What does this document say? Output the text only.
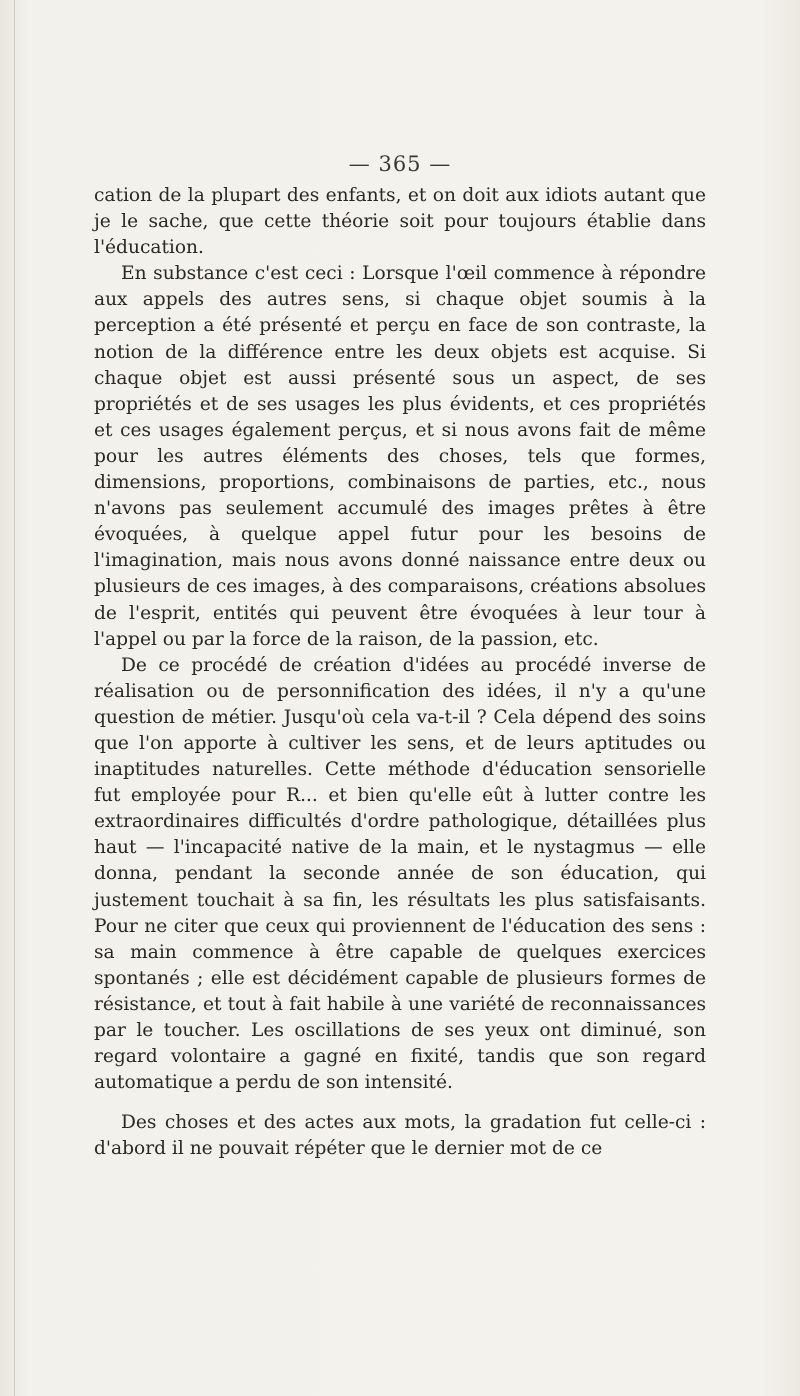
— 365 —

cation de la plupart des enfants, et on doit aux idiots autant que je le sache, que cette théorie soit pour toujours établie dans l'éducation.

En substance c'est ceci : Lorsque l'œil commence à répondre aux appels des autres sens, si chaque objet soumis à la perception a été présenté et perçu en face de son contraste, la notion de la différence entre les deux objets est acquise. Si chaque objet est aussi présenté sous un aspect, de ses propriétés et de ses usages les plus évidents, et ces propriétés et ces usages également perçus, et si nous avons fait de même pour les autres éléments des choses, tels que formes, dimensions, proportions, combinaisons de parties, etc., nous n'avons pas seulement accumulé des images prêtes à être évoquées, à quelque appel futur pour les besoins de l'imagination, mais nous avons donné naissance entre deux ou plusieurs de ces images, à des comparaisons, créations absolues de l'esprit, entités qui peuvent être évoquées à leur tour à l'appel ou par la force de la raison, de la passion, etc.

De ce procédé de création d'idées au procédé inverse de réalisation ou de personnification des idées, il n'y a qu'une question de métier. Jusqu'où cela va-t-il ? Cela dépend des soins que l'on apporte à cultiver les sens, et de leurs aptitudes ou inaptitudes naturelles. Cette méthode d'éducation sensorielle fut employée pour R... et bien qu'elle eût à lutter contre les extraordinaires difficultés d'ordre pathologique, détaillées plus haut — l'incapacité native de la main, et le nystagmus — elle donna, pendant la seconde année de son éducation, qui justement touchait à sa fin, les résultats les plus satisfaisants. Pour ne citer que ceux qui proviennent de l'éducation des sens : sa main commence à être capable de quelques exercices spontanés ; elle est décidément capable de plusieurs formes de résistance, et tout à fait habile à une variété de reconnaissances par le toucher. Les oscillations de ses yeux ont diminué, son regard volontaire a gagné en fixité, tandis que son regard automatique a perdu de son intensité.

Des choses et des actes aux mots, la gradation fut celle-ci : d'abord il ne pouvait répéter que le dernier mot de ce
